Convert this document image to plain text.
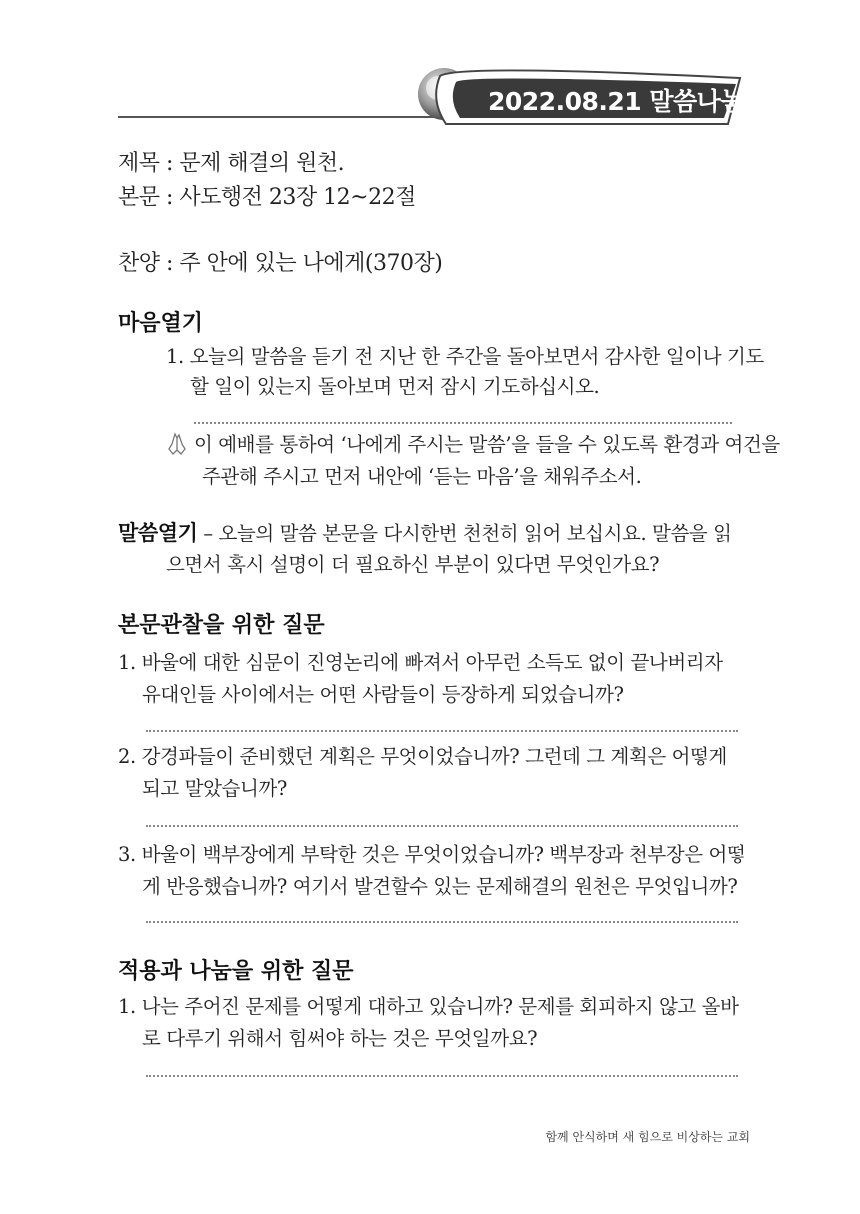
2022.08.21 말씀나눔지
제목 : 문제 해결의 원천.
본문 : 사도행전 23장 12~22절
찬양 : 주 안에 있는 나에게(370장)
마음열기
1. 오늘의 말씀을 듣기 전 지난 한 주간을 돌아보면서 감사한 일이나 기도
할 일이 있는지 돌아보며 먼저 잠시 기도하십시오.
이 예배를 통하여 ‘나에게 주시는 말씀’을 들을 수 있도록 환경과 여건을
주관해 주시고 먼저 내안에 ‘듣는 마음’을 채워주소서.
말씀열기 – 오늘의 말씀 본문을 다시한번 천천히 읽어 보십시요. 말씀을 읽
으면서 혹시 설명이 더 필요하신 부분이 있다면 무엇인가요?
본문관찰을 위한 질문
1. 바울에 대한 심문이 진영논리에 빠져서 아무런 소득도 없이 끝나버리자
유대인들 사이에서는 어떤 사람들이 등장하게 되었습니까?
2. 강경파들이 준비했던 계획은 무엇이었습니까? 그런데 그 계획은 어떻게
되고 말았습니까?
3. 바울이 백부장에게 부탁한 것은 무엇이었습니까? 백부장과 천부장은 어떻
게 반응했습니까? 여기서 발견할수 있는 문제해결의 원천은 무엇입니까?
적용과 나눔을 위한 질문
1. 나는 주어진 문제를 어떻게 대하고 있습니까? 문제를 회피하지 않고 올바
로 다루기 위해서 힘써야 하는 것은 무엇일까요?
함께 안식하며 새 힘으로 비상하는 교회
